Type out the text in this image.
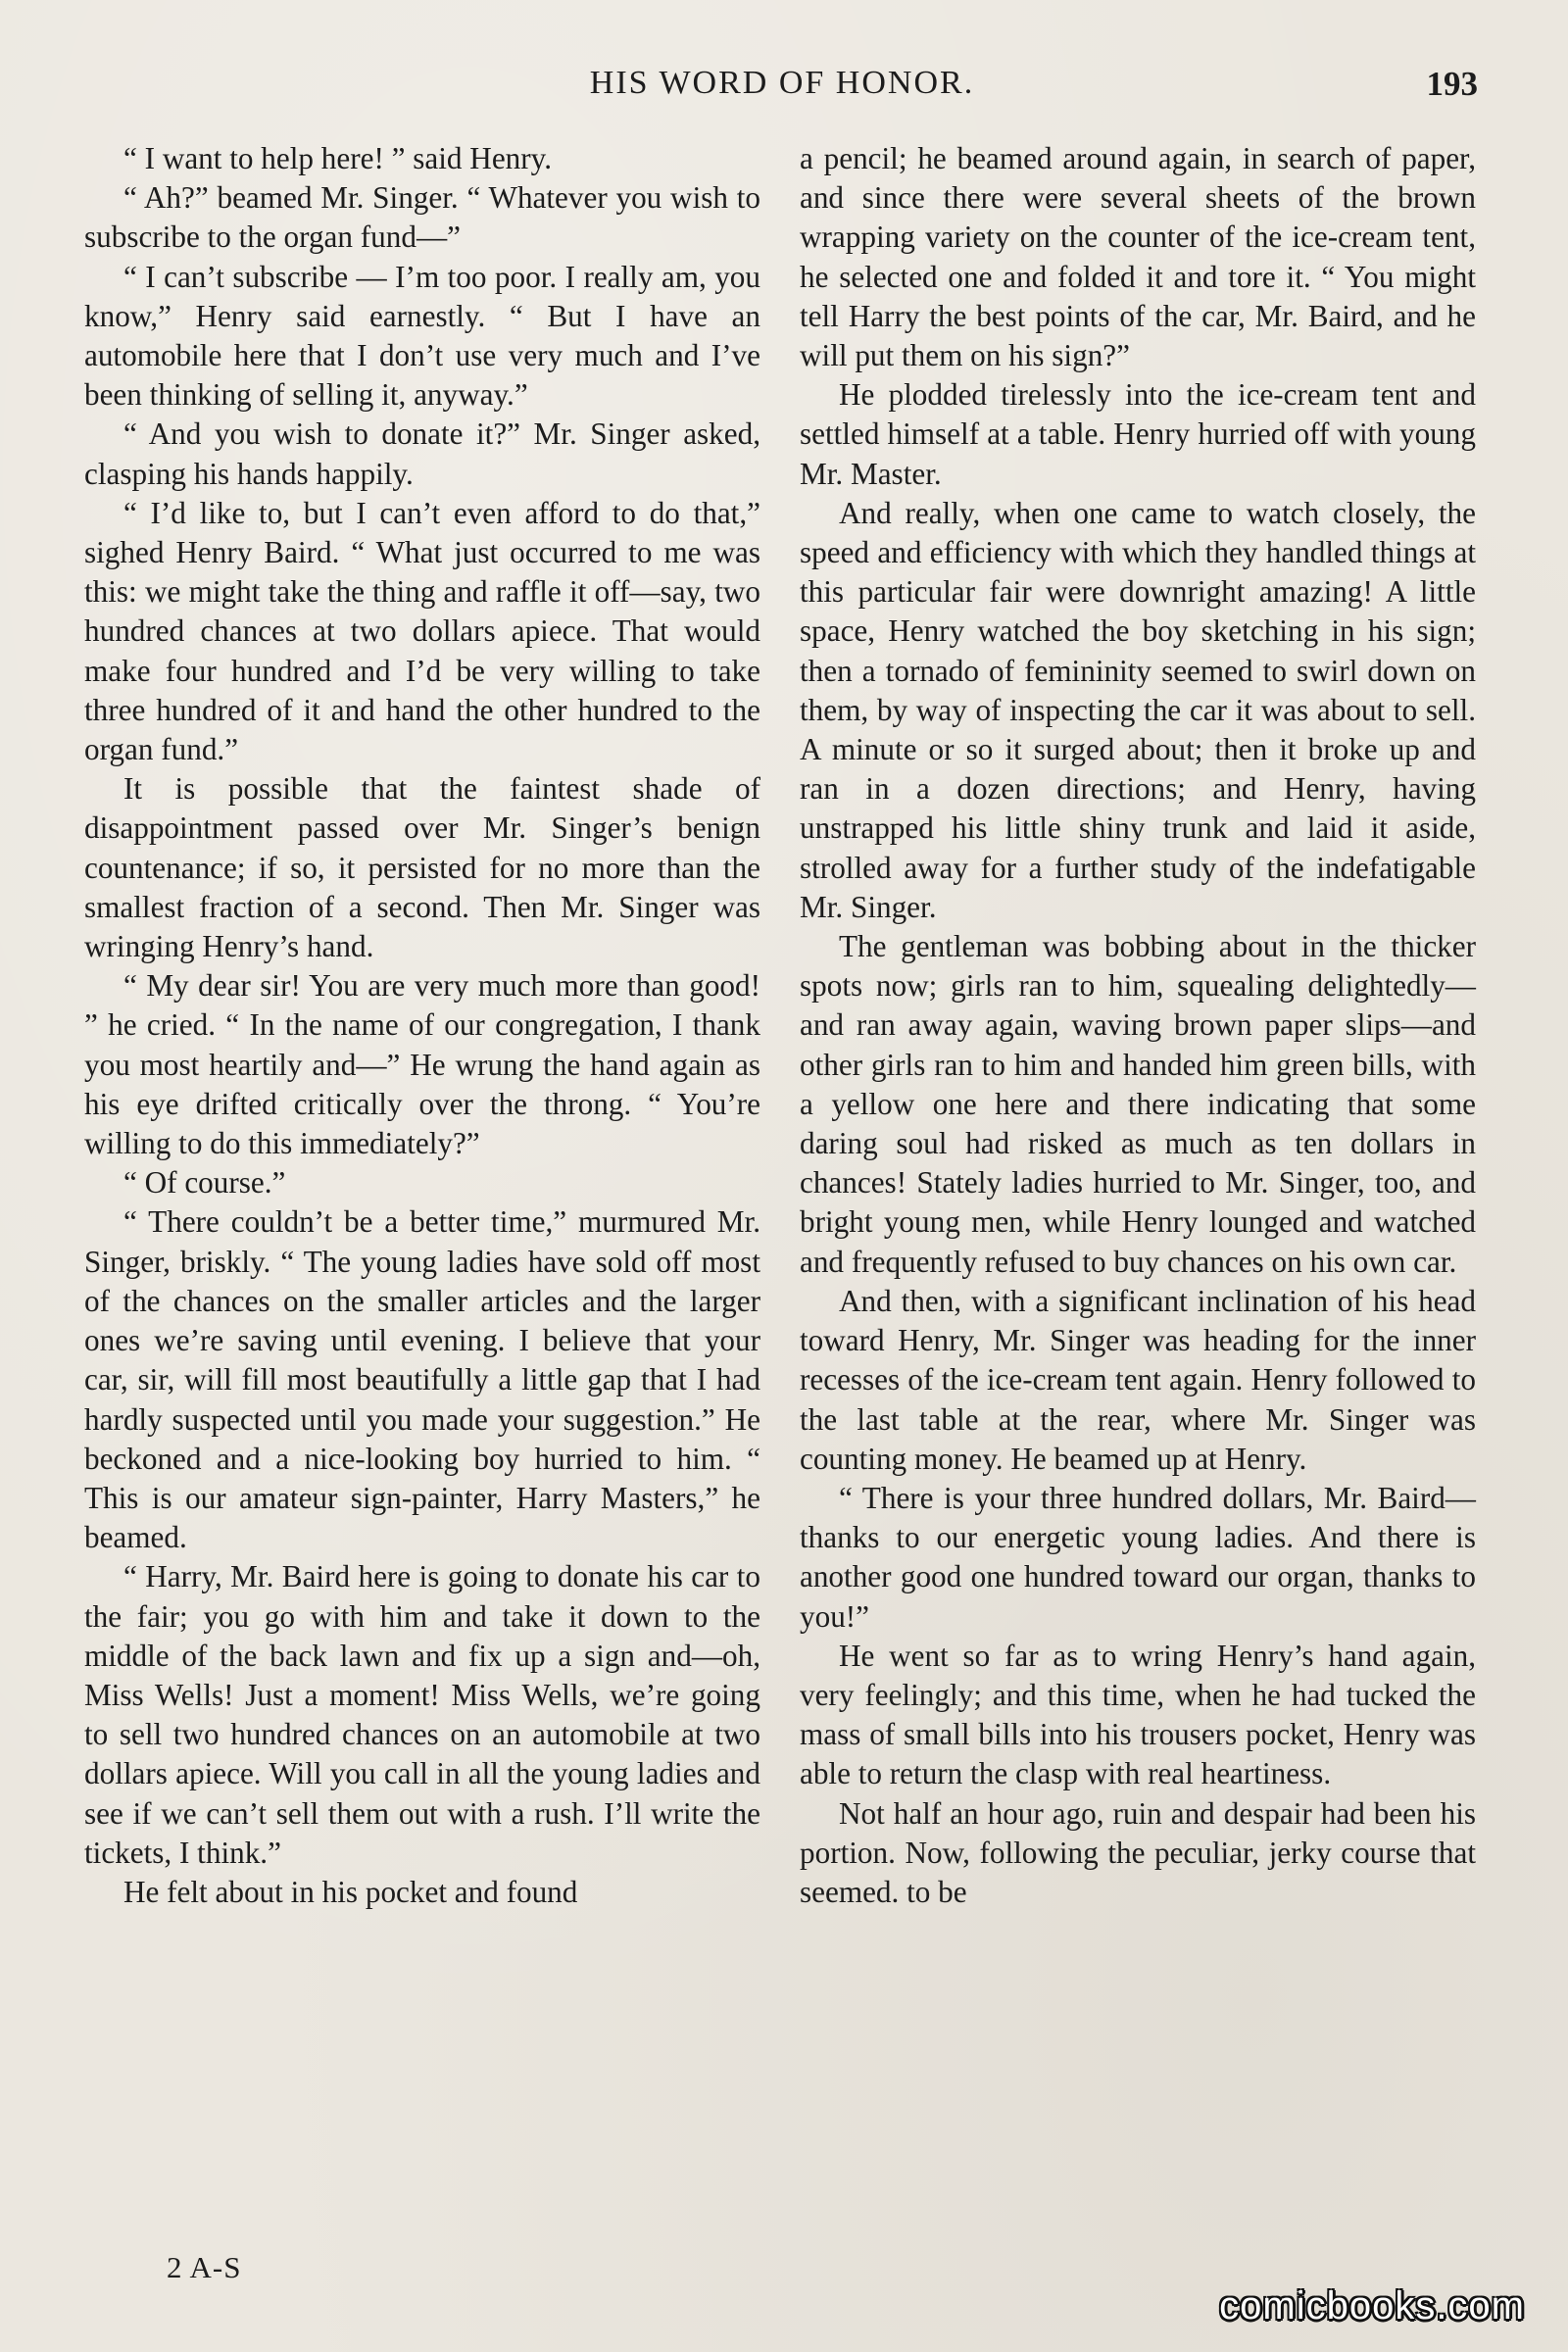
HIS WORD OF HONOR.	193

“ I want to help here! ” said Henry.

“ Ah?” beamed Mr. Singer. “ Whatever you wish to subscribe to the organ fund—”

“ I can’t subscribe — I’m too poor. I really am, you know,” Henry said earnestly. “ But I have an automobile here that I don’t use very much and I’ve been thinking of selling it, anyway.”

“ And you wish to donate it?” Mr. Singer asked, clasping his hands happily.

“ I’d like to, but I can’t even afford to do that,” sighed Henry Baird. “ What just occurred to me was this: we might take the thing and raffle it off—say, two hundred chances at two dollars apiece. That would make four hundred and I’d be very willing to take three hundred of it and hand the other hundred to the organ fund.”

It is possible that the faintest shade of disappointment passed over Mr. Singer’s benign countenance; if so, it persisted for no more than the smallest fraction of a second. Then Mr. Singer was wringing Henry’s hand.

“ My dear sir! You are very much more than good! ” he cried. “ In the name of our congregation, I thank you most heartily and—” He wrung the hand again as his eye drifted critically over the throng. “ You’re willing to do this immediately?”

“ Of course.”

“ There couldn’t be a better time,” murmured Mr. Singer, briskly. “ The young ladies have sold off most of the chances on the smaller articles and the larger ones we’re saving until evening. I believe that your car, sir, will fill most beautifully a little gap that I had hardly suspected until you made your suggestion.” He beckoned and a nice-looking boy hurried to him. “ This is our amateur sign-painter, Harry Masters,” he beamed.

“ Harry, Mr. Baird here is going to donate his car to the fair; you go with him and take it down to the middle of the back lawn and fix up a sign and—oh, Miss Wells! Just a moment! Miss Wells, we’re going to sell two hundred chances on an automobile at two dollars apiece. Will you call in all the young ladies and see if we can’t sell them out with a rush. I’ll write the tickets, I think.”

He felt about in his pocket and found

a pencil; he beamed around again, in search of paper, and since there were several sheets of the brown wrapping variety on the counter of the ice-cream tent, he selected one and folded it and tore it. “ You might tell Harry the best points of the car, Mr. Baird, and he will put them on his sign?”

He plodded tirelessly into the ice-cream tent and settled himself at a table. Henry hurried off with young Mr. Master.

And really, when one came to watch closely, the speed and efficiency with which they handled things at this particular fair were downright amazing! A little space, Henry watched the boy sketching in his sign; then a tornado of femininity seemed to swirl down on them, by way of inspecting the car it was about to sell. A minute or so it surged about; then it broke up and ran in a dozen directions; and Henry, having unstrapped his little shiny trunk and laid it aside, strolled away for a further study of the indefatigable Mr. Singer.

The gentleman was bobbing about in the thicker spots now; girls ran to him, squealing delightedly—and ran away again, waving brown paper slips—and other girls ran to him and handed him green bills, with a yellow one here and there indicating that some daring soul had risked as much as ten dollars in chances! Stately ladies hurried to Mr. Singer, too, and bright young men, while Henry lounged and watched and frequently refused to buy chances on his own car.

And then, with a significant inclination of his head toward Henry, Mr. Singer was heading for the inner recesses of the ice-cream tent again. Henry followed to the last table at the rear, where Mr. Singer was counting money. He beamed up at Henry.

“ There is your three hundred dollars, Mr. Baird—thanks to our energetic young ladies. And there is another good one hundred toward our organ, thanks to you!”

He went so far as to wring Henry’s hand again, very feelingly; and this time, when he had tucked the mass of small bills into his trousers pocket, Henry was able to return the clasp with real heartiness.

Not half an hour ago, ruin and despair had been his portion. Now, following the peculiar, jerky course that seemed. to be

2 A-S
comicbooks.com
